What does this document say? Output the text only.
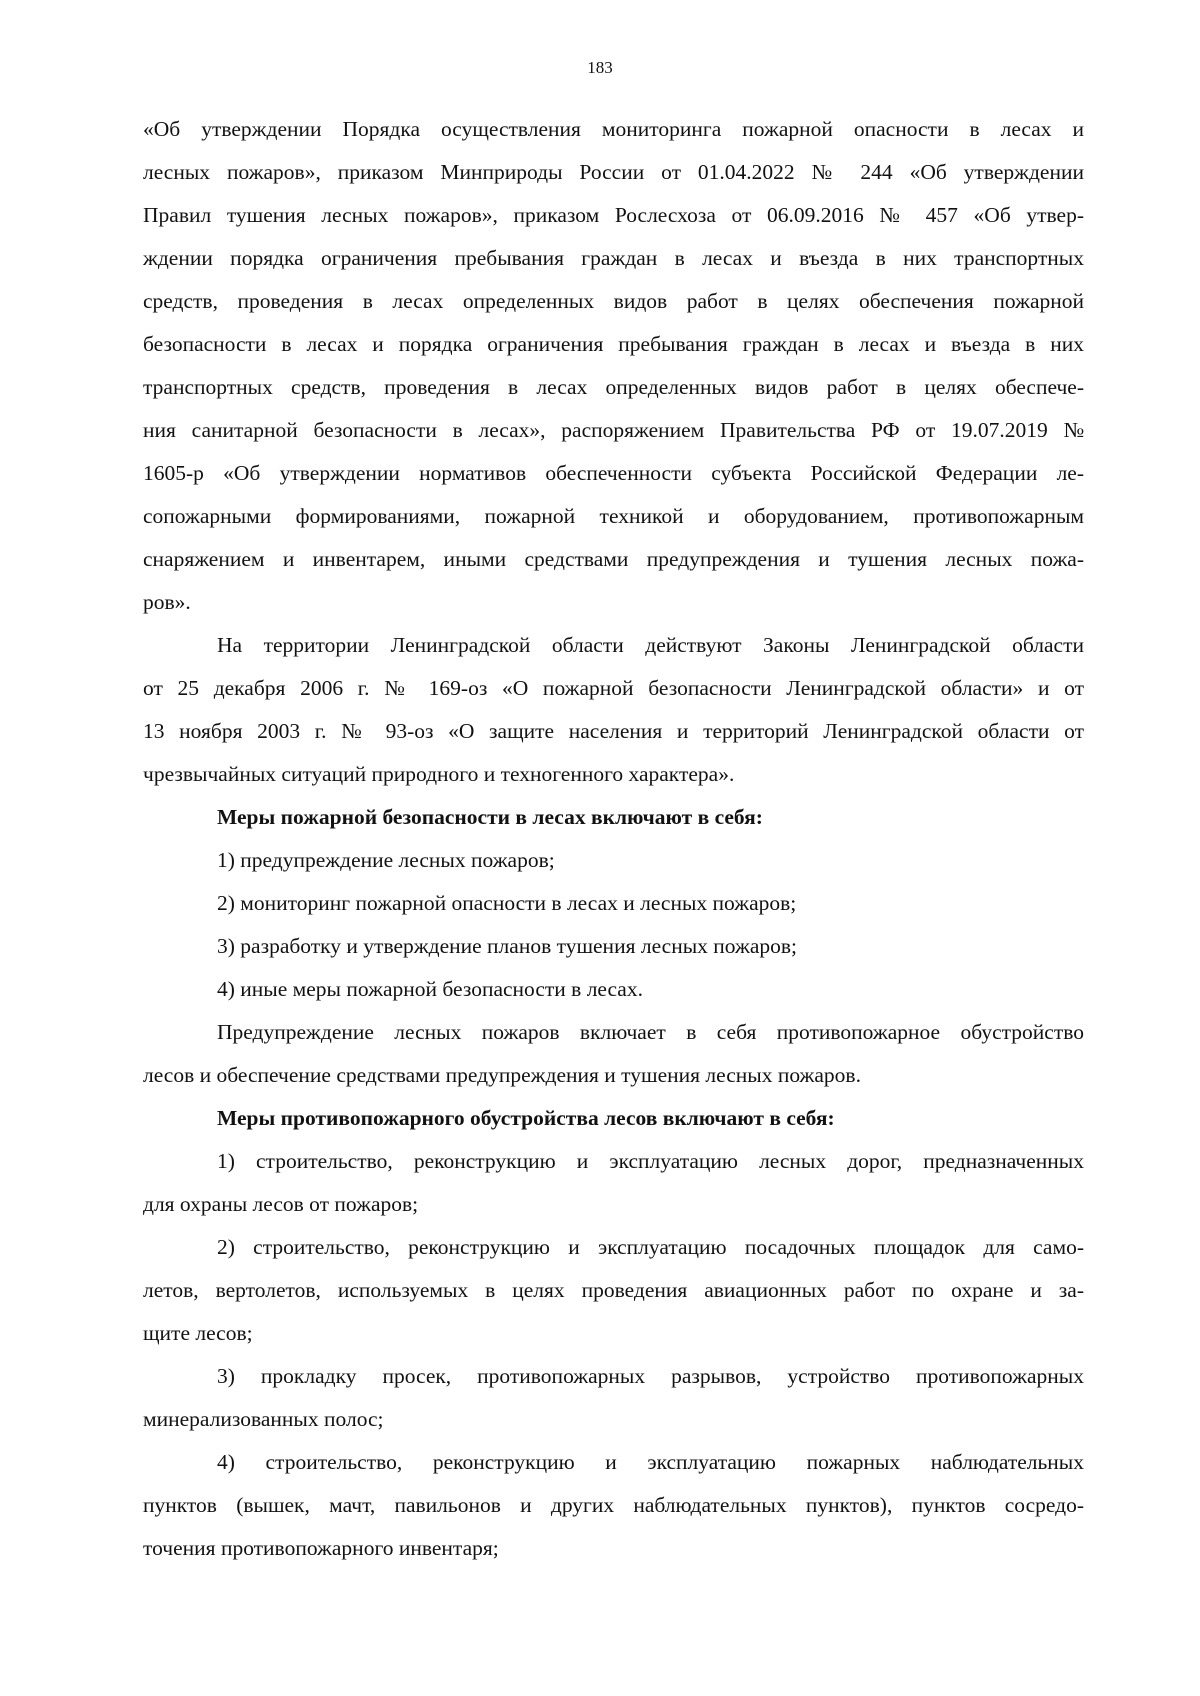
183
«Об утверждении Порядка осуществления мониторинга пожарной опасности в лесах и
лесных пожаров», приказом Минприроды России от 01.04.2022 № 244 «Об утверждении
Правил тушения лесных пожаров», приказом Рослесхоза от 06.09.2016 № 457 «Об утвер-
ждении порядка ограничения пребывания граждан в лесах и въезда в них транспортных
средств, проведения в лесах определенных видов работ в целях обеспечения пожарной
безопасности в лесах и порядка ограничения пребывания граждан в лесах и въезда в них
транспортных средств, проведения в лесах определенных видов работ в целях обеспече-
ния санитарной безопасности в лесах», распоряжением Правительства РФ от 19.07.2019 №
1605-р «Об утверждении нормативов обеспеченности субъекта Российской Федерации ле-
сопожарными формированиями, пожарной техникой и оборудованием, противопожарным
снаряжением и инвентарем, иными средствами предупреждения и тушения лесных пожа-
ров».
На территории Ленинградской области действуют Законы Ленинградской области
от 25 декабря 2006 г. № 169-оз «О пожарной безопасности Ленинградской области» и от
13 ноября 2003 г. № 93-оз «О защите населения и территорий Ленинградской области от
чрезвычайных ситуаций природного и техногенного характера».
Меры пожарной безопасности в лесах включают в себя:
1) предупреждение лесных пожаров;
2) мониторинг пожарной опасности в лесах и лесных пожаров;
3) разработку и утверждение планов тушения лесных пожаров;
4) иные меры пожарной безопасности в лесах.
Предупреждение лесных пожаров включает в себя противопожарное обустройство
лесов и обеспечение средствами предупреждения и тушения лесных пожаров.
Меры противопожарного обустройства лесов включают в себя:
1) строительство, реконструкцию и эксплуатацию лесных дорог, предназначенных
для охраны лесов от пожаров;
2) строительство, реконструкцию и эксплуатацию посадочных площадок для само-
летов, вертолетов, используемых в целях проведения авиационных работ по охране и за-
щите лесов;
3) прокладку просек, противопожарных разрывов, устройство противопожарных
минерализованных полос;
4) строительство, реконструкцию и эксплуатацию пожарных наблюдательных
пунктов (вышек, мачт, павильонов и других наблюдательных пунктов), пунктов сосредо-
точения противопожарного инвентаря;
